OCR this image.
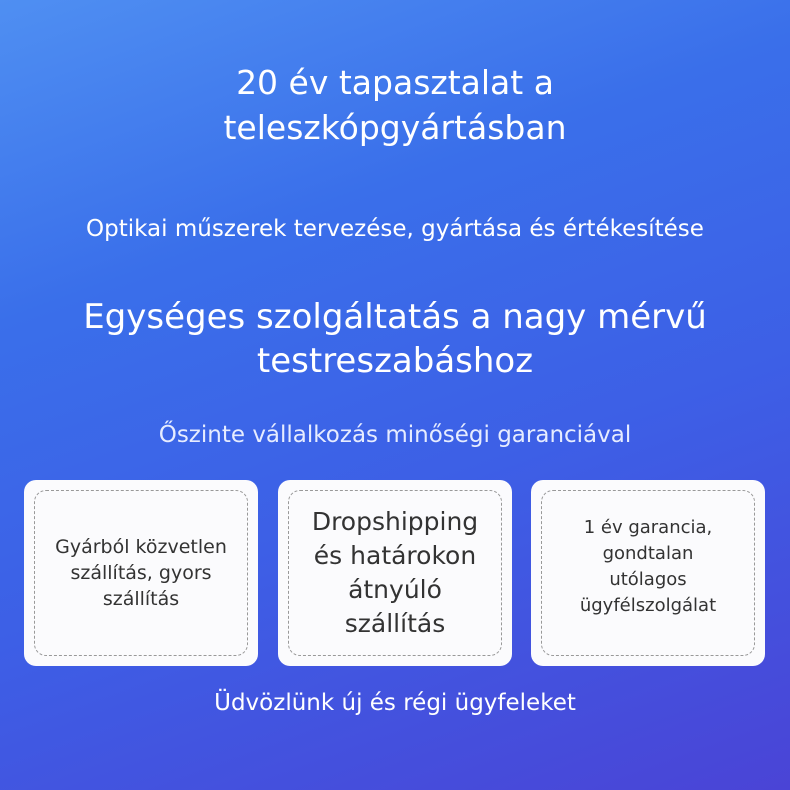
20 év tapasztalat a
teleszkópgyártásban
Optikai műszerek tervezése, gyártása és értékesítése
Egységes szolgáltatás a nagy mérvű
testreszabáshoz
Őszinte vállalkozás minőségi garanciával
Gyárból közvetlen
szállítás, gyors
szállítás
Dropshipping
és határokon
átnyúló
szállítás
1 év garancia,
gondtalan
utólagos
ügyfélszolgálat
Üdvözlünk új és régi ügyfeleket
